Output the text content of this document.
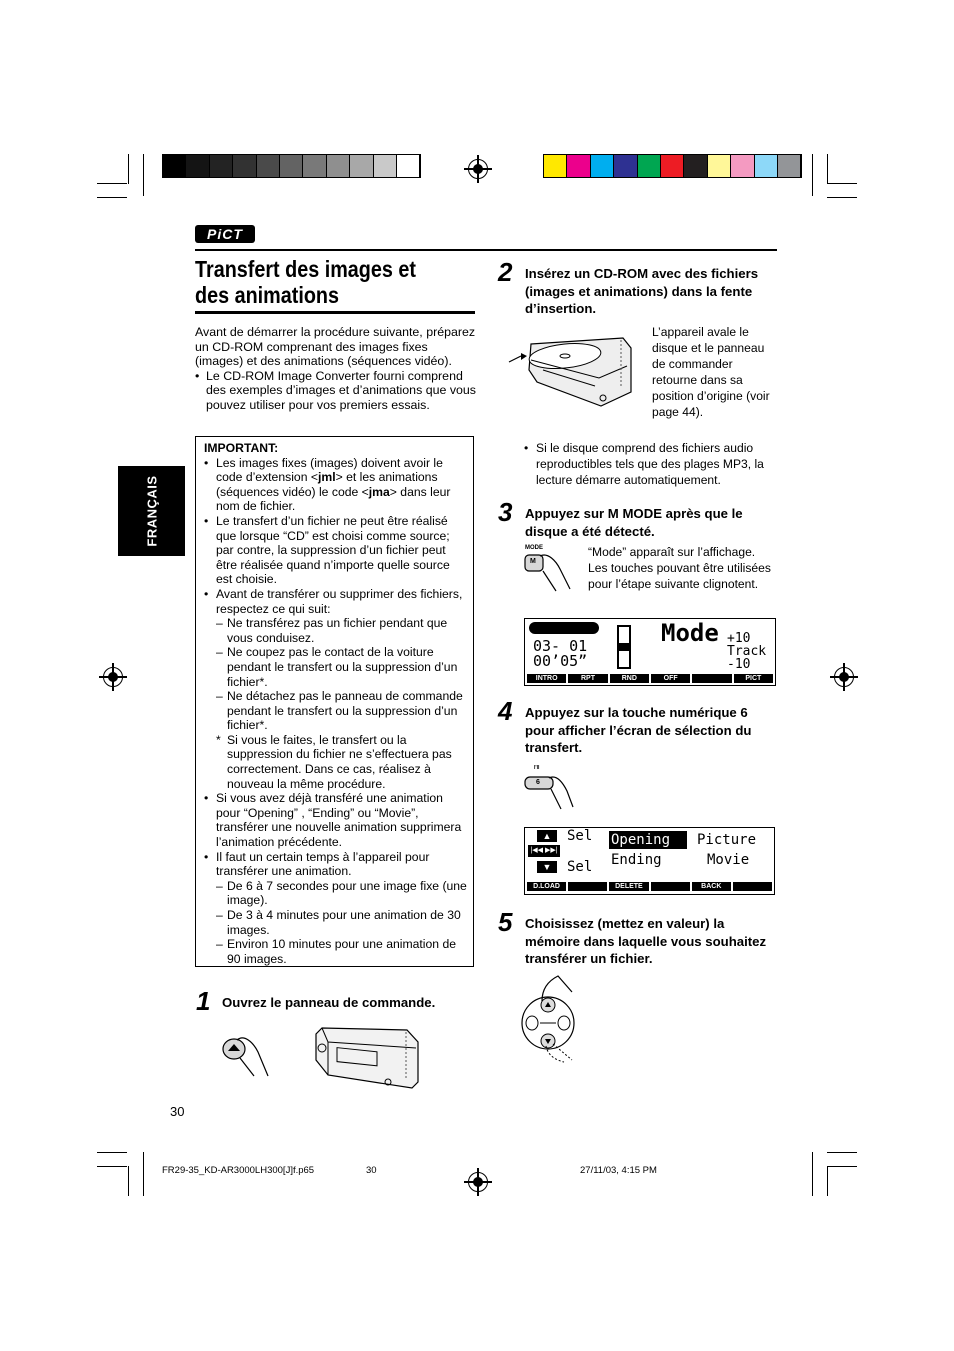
PiCT
Transfert des images et des animations
FRANÇAIS

Avant de démarrer la procédure suivante, préparez un CD-ROM comprenant des images fixes (images) et des animations (séquences vidéo).

• Le CD-ROM Image Converter fourni comprend des exemples d’images et d’animations que vous pouvez utiliser pour vos premiers essais.
IMPORTANT:
• Les images fixes (images) doivent avoir le code d’extension <jml> et les animations (séquences vidéo) le code <jma> dans leur nom de fichier.
• Le transfert d’un fichier ne peut être réalisé que lorsque “CD” est choisi comme source; par contre, la suppression d’un fichier peut être réalisée quand n’importe quelle source est choisie.
• Avant de transférer ou supprimer des fichiers, respectez ce qui suit:
– Ne transférez pas un fichier pendant que vous conduisez.
– Ne coupez pas le contact de la voiture pendant le transfert ou la suppression d’un fichier*.
– Ne détachez pas le panneau de commande pendant le transfert ou la suppression d’un fichier*.
* Si vous le faites, le transfert ou la suppression du fichier ne s’effectuera pas correctement. Dans ce cas, réalisez à nouveau la même procédure.
• Si vous avez déjà transféré une animation pour “Opening” , “Ending” ou “Movie”, transférer une nouvelle animation supprimera l’animation précédente.
• Il faut un certain temps à l’appareil pour transférer une animation.
– De 6 à 7 secondes pour une image fixe (une image).
– De 3 à 4 minutes pour une animation de 30 images.
– Environ 10 minutes pour une animation de 90 images.
1 Ouvrez le panneau de commande.
2 Insérez un CD-ROM avec des fichiers (images et animations) dans la fente d’insertion.
L’appareil avale le disque et le panneau de commander retourne dans sa position d’origine (voir page 44).
• Si le disque comprend des fichiers audio reproductibles tels que des plages MP3, la lecture démarre automatiquement.
3 Appuyez sur M MODE après que le disque a été détecté.
MODE
M
“Mode” apparaît sur l’affichage. Les touches pouvant être utilisées pour l’étape suivante clignotent.
03- 01
00’05”
Mode +10
Track
-10
INTRO	RPT	RND	OFF	PICT
4 Appuyez sur la touche numérique 6 pour afficher l’écran de sélection du transfert.
I'II
6
▲	Sel
|◀◀ ▶▶|
▼	Sel
Opening
Ending
Picture
Movie
D.LOAD	DELETE	BACK
5 Choisissez (mettez en valeur) la mémoire dans laquelle vous souhaitez transférer un fichier.
30
FR29-35_KD-AR3000LH300[J]f.p65	30	27/11/03, 4:15 PM
